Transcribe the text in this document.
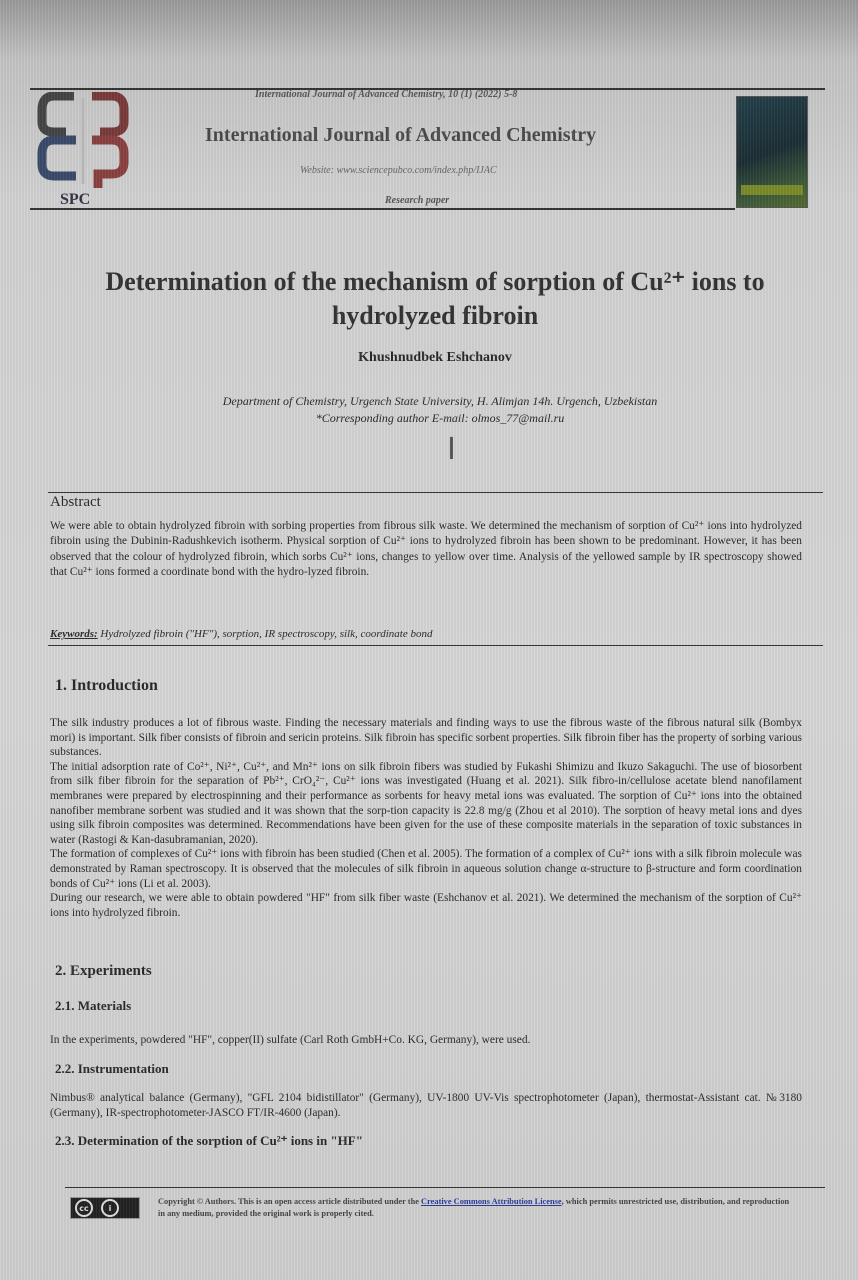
SPC
International Journal of Advanced Chemistry, 10 (1) (2022) 5-8
International Journal of Advanced Chemistry
Website: www.sciencepubco.com/index.php/IJAC
Research paper
Determination of the mechanism of sorption of Cu²⁺ ions to hydrolyzed fibroin
Khushnudbek Eshchanov
Department of Chemistry, Urgench State University, H. Alimjan 14h. Urgench, Uzbekistan
*Corresponding author E-mail: olmos_77@mail.ru
I
Abstract
We were able to obtain hydrolyzed fibroin with sorbing properties from fibrous silk waste. We determined the mechanism of sorption of Cu²⁺ ions into hydrolyzed fibroin using the Dubinin-Radushkevich isotherm. Physical sorption of Cu²⁺ ions to hydrolyzed fibroin has been shown to be predominant. However, it has been observed that the colour of hydrolyzed fibroin, which sorbs Cu²⁺ ions, changes to yellow over time. Analysis of the yellowed sample by IR spectroscopy showed that Cu²⁺ ions formed a coordinate bond with the hydro-lyzed fibroin.
Keywords: Hydrolyzed fibroin ("HF"), sorption, IR spectroscopy, silk, coordinate bond
1. Introduction

The silk industry produces a lot of fibrous waste. Finding the necessary materials and finding ways to use the fibrous waste of the fibrous natural silk (Bombyx mori) is important. Silk fiber consists of fibroin and sericin proteins. Silk fibroin has specific sorbent properties. Silk fibroin fiber has the property of sorbing various substances.

The initial adsorption rate of Co²⁺, Ni²⁺, Cu²⁺, and Mn²⁺ ions on silk fibroin fibers was studied by Fukashi Shimizu and Ikuzo Sakaguchi. The use of biosorbent from silk fiber fibroin for the separation of Pb²⁺, CrO₄²⁻, Cu²⁺ ions was investigated (Huang et al. 2021). Silk fibro-in/cellulose acetate blend nanofilament membranes were prepared by electrospinning and their performance as sorbents for heavy metal ions was evaluated. The sorption of Cu²⁺ ions into the obtained nanofiber membrane sorbent was studied and it was shown that the sorp-tion capacity is 22.8 mg/g (Zhou et al 2010). The sorption of heavy metal ions and dyes using silk fibroin composites was determined. Recommendations have been given for the use of these composite materials in the separation of toxic substances in water (Rastogi & Kan-dasubramanian, 2020).

The formation of complexes of Cu²⁺ ions with fibroin has been studied (Chen et al. 2005). The formation of a complex of Cu²⁺ ions with a silk fibroin molecule was demonstrated by Raman spectroscopy. It is observed that the molecules of silk fibroin in aqueous solution change α-structure to β-structure and form coordination bonds of Cu²⁺ ions (Li et al. 2003).

During our research, we were able to obtain powdered "HF" from silk fiber waste (Eshchanov et al. 2021). We determined the mechanism of the sorption of Cu²⁺ ions into hydrolyzed fibroin.

2. Experiments
2.1. Materials
In the experiments, powdered "HF", copper(II) sulfate (Carl Roth GmbH+Co. KG, Germany), were used.
2.2. Instrumentation
Nimbus® analytical balance (Germany), "GFL 2104 bidistillator" (Germany), UV-1800 UV-Vis spectrophotometer (Japan), thermostat-Assistant cat. №3180 (Germany), IR-spectrophotometer-JASCO FT/IR-4600 (Japan).
2.3. Determination of the sorption of Cu²⁺ ions in "HF"
cc	i
Copyright © Authors. This is an open access article distributed under the Creative Commons Attribution License, which permits unrestricted use, distribution, and reproduction in any medium, provided the original work is properly cited.
